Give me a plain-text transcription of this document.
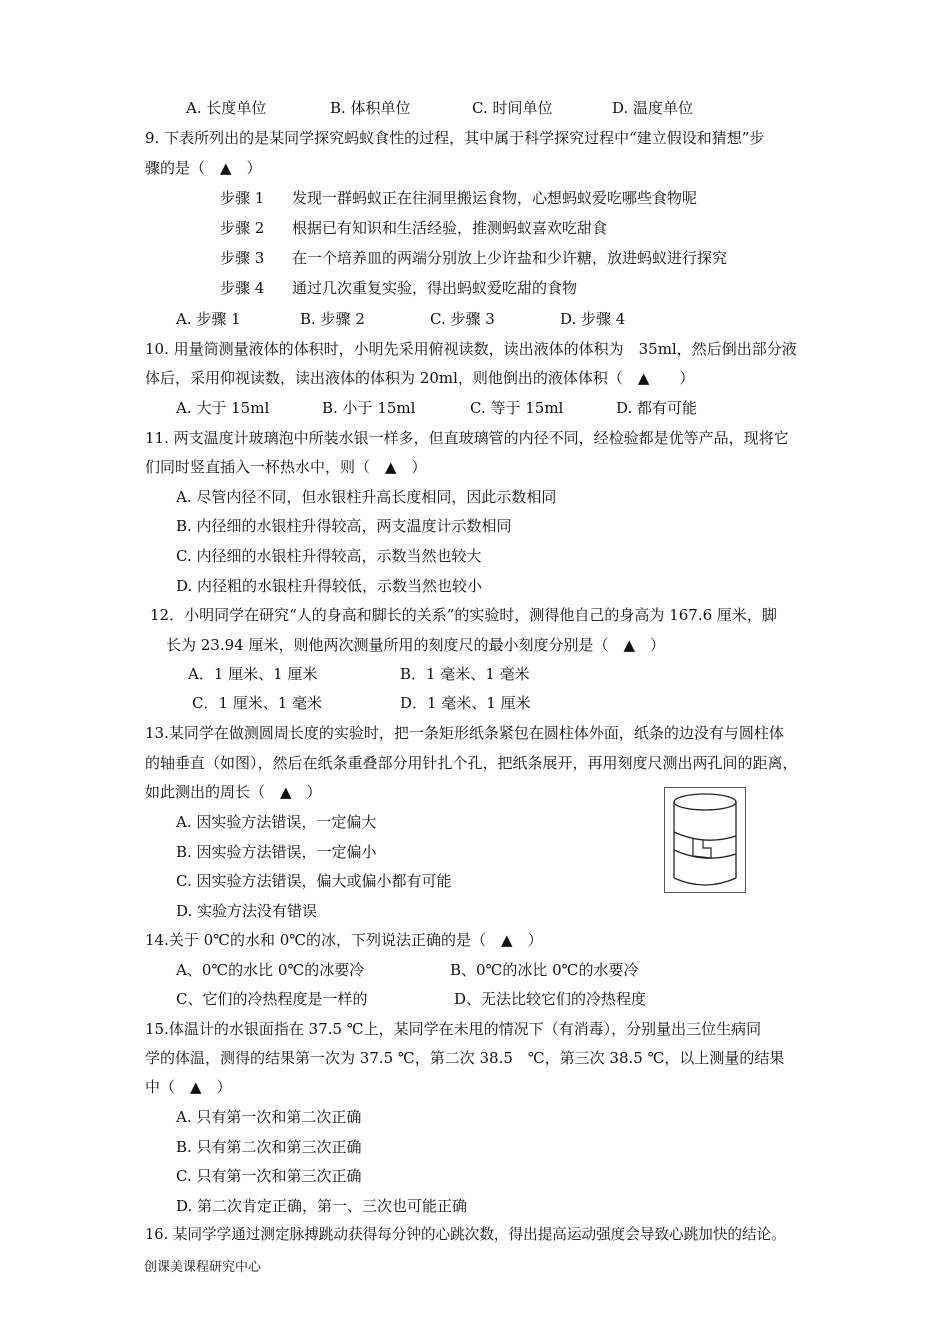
A. 长度单位	B. 体积单位	C. 时间单位	D. 温度单位
9. 下表所列出的是某同学探究蚂蚁食性的过程，其中属于科学探究过程中“建立假设和猜想”步
骤的是（　▲　）
步骤 1 发现一群蚂蚁正在往洞里搬运食物，心想蚂蚁爱吃哪些食物呢
步骤 2 根据已有知识和生活经验，推测蚂蚁喜欢吃甜食
步骤 3 在一个培养皿的两端分别放上少许盐和少许糖，放进蚂蚁进行探究
步骤 4 通过几次重复实验，得出蚂蚁爱吃甜的食物
A. 步骤 1	B. 步骤 2	C. 步骤 3	D. 步骤 4
10. 用量筒测量液体的体积时，小明先采用俯视读数，读出液体的体积为　35ml，然后倒出部分液
体后，采用仰视读数，读出液体的体积为 20ml，则他倒出的液体体积（　▲　　）
A. 大于 15ml	B. 小于 15ml	C. 等于 15ml	D. 都有可能
11. 两支温度计玻璃泡中所装水银一样多，但直玻璃管的内径不同，经检验都是优等产品，现将它
们同时竖直插入一杯热水中，则（　▲　）
A. 尽管内径不同，但水银柱升高长度相同，因此示数相同
B. 内径细的水银柱升得较高，两支温度计示数相同
C. 内径细的水银柱升得较高，示数当然也较大
D. 内径粗的水银柱升得较低，示数当然也较小
12．小明同学在研究“人的身高和脚长的关系”的实验时，测得他自己的身高为 167.6 厘米，脚
长为 23.94 厘米，则他两次测量所用的刻度尺的最小刻度分别是（　▲　）
A．1 厘米、1 厘米	B．1 毫米、1 毫米
C．1 厘米、1 毫米	D．1 毫米、1 厘米
13.某同学在做测圆周长度的实验时，把一条矩形纸条紧包在圆柱体外面，纸条的边没有与圆柱体
的轴垂直（如图），然后在纸条重叠部分用针扎个孔，把纸条展开，再用刻度尺测出两孔间的距离，
如此测出的周长（　▲　）
A. 因实验方法错误，一定偏大
B. 因实验方法错误，一定偏小
C. 因实验方法错误，偏大或偏小都有可能
D. 实验方法没有错误
14.关于 0℃的水和 0℃的冰，下列说法正确的是（　▲　）
A、0℃的水比 0℃的冰要冷	B、0℃的冰比 0℃的水要冷
C、它们的冷热程度是一样的	D、无法比较它们的冷热程度
15.体温计的水银面指在 37.5 ℃上，某同学在未甩的情况下（有消毒），分别量出三位生病同
学的体温，测得的结果第一次为 37.5 ℃，第二次 38.5　℃，第三次 38.5 ℃，以上测量的结果
中（　▲　）
A. 只有第一次和第二次正确
B. 只有第二次和第三次正确
C. 只有第一次和第三次正确
D. 第二次肯定正确，第一、三次也可能正确
16. 某同学学通过测定脉搏跳动获得每分钟的心跳次数，得出提高运动强度会导致心跳加快的结论。
创课美课程研究中心
